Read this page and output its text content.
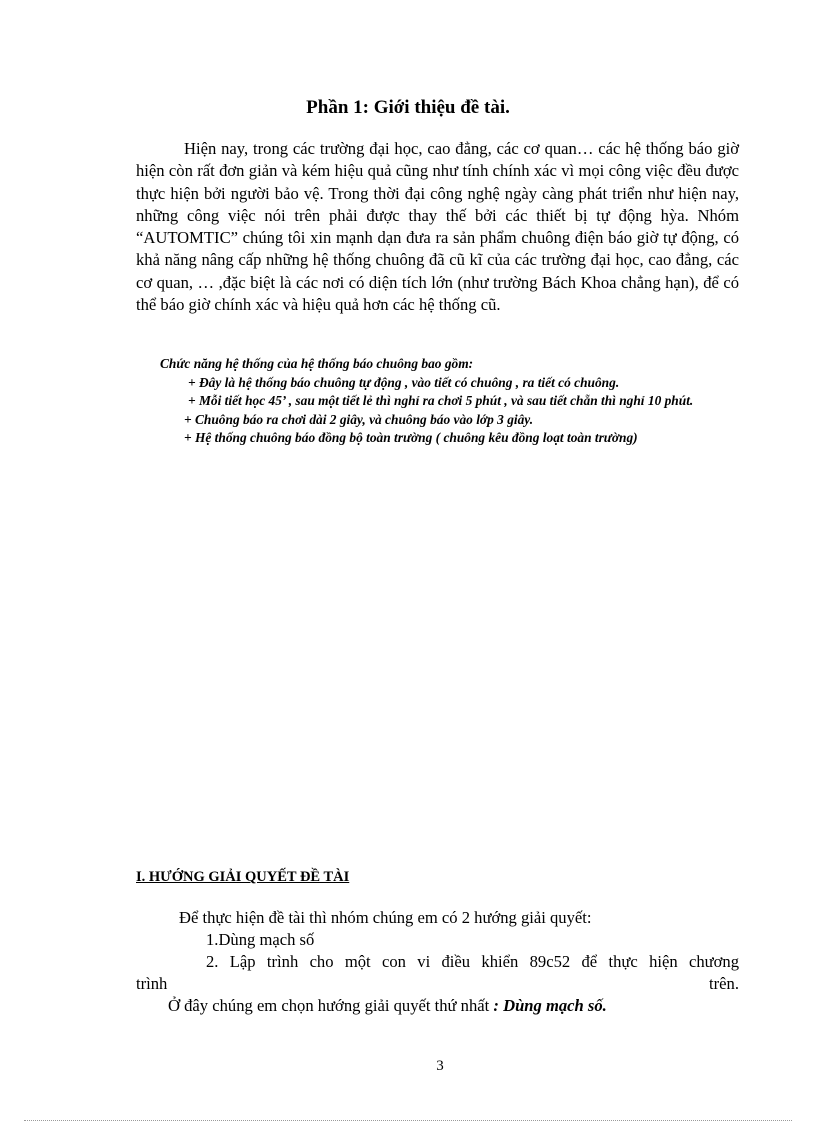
Phần 1: Giới thiệu đề tài.

Hiện nay, trong các trường đại học, cao đẳng, các cơ quan… các hệ thống báo giờ hiện còn rất đơn giản và kém hiệu quả cũng như tính chính xác vì mọi công việc đều được thực hiện bởi người bảo vệ. Trong thời đại công nghệ ngày càng phát triển như hiện nay, những công việc nói trên phải được thay thế bởi các thiết bị tự động hỳa. Nhóm “AUTOMTIC” chúng tôi xin mạnh dạn đưa ra sản phẩm chuông điện báo giờ tự động, có khả năng nâng cấp những hệ thống chuông đã cũ kĩ của các trường đại học, cao đẳng, các cơ quan, … ,đặc biệt là các nơi có diện tích lớn (như trường Bách Khoa chẳng hạn), để có thể báo giờ chính xác và hiệu quả hơn các hệ thống cũ.

Chức năng hệ thống của hệ thống báo chuông bao gồm:

+ Đây là hệ thống báo chuông tự động , vào tiết có chuông , ra tiết có chuông.

+ Mỗi tiết học 45’ , sau một tiết lẻ thì nghỉ ra chơi 5 phút , và sau tiết chẵn thì nghỉ 10 phút.

+ Chuông báo ra chơi dài 2 giây, và chuông báo vào lớp 3 giây.

+ Hệ thống chuông báo đồng bộ toàn trường ( chuông kêu đồng loạt toàn trường)

I. HƯỚNG GIẢI QUYẾT ĐỀ TÀI

Để thực hiện đề tài thì nhóm chúng em có 2 hướng giải quyết:

1.Dùng mạch số

2. Lập trình cho một con vi điều khiển 89c52 để thực hiện chương

trình trên.

Ở đây chúng em chọn hướng giải quyết thứ nhất : Dùng mạch số.

3
